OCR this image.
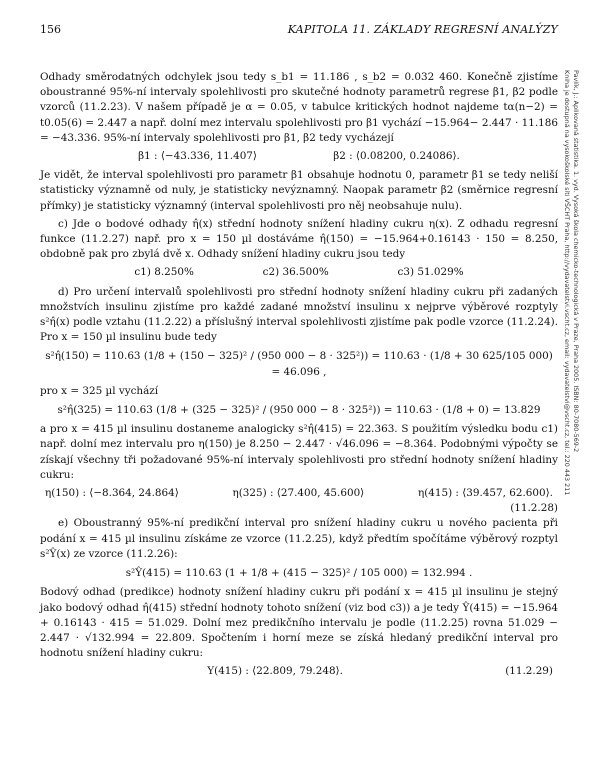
156	KAPITOLA 11. ZÁKLADY REGRESNÍ ANALÝZY
Pavlík, J.: Aplikovaná statistika. 1. vyd. Vysoká škola chemicko-technologická v Praze, Praha 2005. ISBN: 80-7080-569-2
Kniha je dostupná na vysokoškolské síti VŠCHT Praha, http://vydavatelstvi.vscht.cz, email: vydavatelstvi@vscht.cz, tel.: 220 443 211

Odhady směrodatných odchylek jsou tedy s_b1 = 11.186 , s_b2 = 0.032 460. Konečně zjistíme oboustranné 95%-ní intervaly spolehlivosti pro skutečné hodnoty parametrů regrese β1, β2 podle vzorců (11.2.23). V našem případě je α = 0.05, v tabulce kritických hodnot najdeme tα(n−2) = t0.05(6) = 2.447 a např. dolní mez intervalu spolehlivosti pro β1 vychází −15.964− 2.447 · 11.186 = −43.336. 95%-ní intervaly spolehlivosti pro β1, β2 tedy vycházejí

β1 : ⟨−43.336, 11.407⟩	β2 : ⟨0.08200, 0.24086⟩.

Je vidět, že interval spolehlivosti pro parametr β1 obsahuje hodnotu 0, parametr β1 se tedy neliší statisticky významně od nuly, je statisticky nevýznamný. Naopak parametr β2 (směrnice regresní přímky) je statisticky významný (interval spolehlivosti pro něj neobsahuje nulu).

c) Jde o bodové odhady η̂(x) střední hodnoty snížení hladiny cukru η(x). Z odhadu regresní funkce (11.2.27) např. pro x = 150 µl dostáváme η̂(150) = −15.964+0.16143 · 150 = 8.250, obdobně pak pro zbylá dvě x. Odhady snížení hladiny cukru jsou tedy

c1) 8.250%	c2) 36.500%	c3) 51.029%

d) Pro určení intervalů spolehlivosti pro střední hodnoty snížení hladiny cukru při zadaných množstvích insulinu zjistíme pro každé zadané množství insulinu x nejprve výběrové rozptyly s²η̂(x) podle vztahu (11.2.22) a příslušný interval spolehlivosti zjistíme pak podle vzorce (11.2.24). Pro x = 150 µl insulinu bude tedy

s²η̂(150) = 110.63 (1/8 + (150 − 325)² / (950 000 − 8 · 325²)) = 110.63 · (1/8 + 30 625/105 000) = 46.096 ,

pro x = 325 µl vychází

s²η̂(325) = 110.63 (1/8 + (325 − 325)² / (950 000 − 8 · 325²)) = 110.63 · (1/8 + 0) = 13.829

a pro x = 415 µl insulinu dostaneme analogicky s²η̂(415) = 22.363. S použitím výsledku bodu c1) např. dolní mez intervalu pro η(150) je 8.250 − 2.447 · √46.096 = −8.364. Podobnými výpočty se získají všechny tři požadované 95%-ní intervaly spolehlivosti pro střední hodnoty snížení hladiny cukru:

η(150) : ⟨−8.364, 24.864⟩	η(325) : ⟨27.400, 45.600⟩	η(415) : ⟨39.457, 62.600⟩.
(11.2.28)

e) Oboustranný 95%-ní predikční interval pro snížení hladiny cukru u nového pacienta při podání x = 415 µl insulinu získáme ze vzorce (11.2.25), když předtím spočítáme výběrový rozptyl s²Ŷ(x) ze vzorce (11.2.26):

s²Ŷ(415) = 110.63 (1 + 1/8 + (415 − 325)² / 105 000) = 132.994 .

Bodový odhad (predikce) hodnoty snížení hladiny cukru při podání x = 415 µl insulinu je stejný jako bodový odhad η̂(415) střední hodnoty tohoto snížení (viz bod c3)) a je tedy Ŷ(415) = −15.964 + 0.16143 · 415 = 51.029. Dolní mez predikčního intervalu je podle (11.2.25) rovna 51.029 − 2.447 · √132.994 = 22.809. Spočtením i horní meze se získá hledaný predikční interval pro hodnotu snížení hladiny cukru:

Y(415) : ⟨22.809, 79.248⟩.	(11.2.29)
